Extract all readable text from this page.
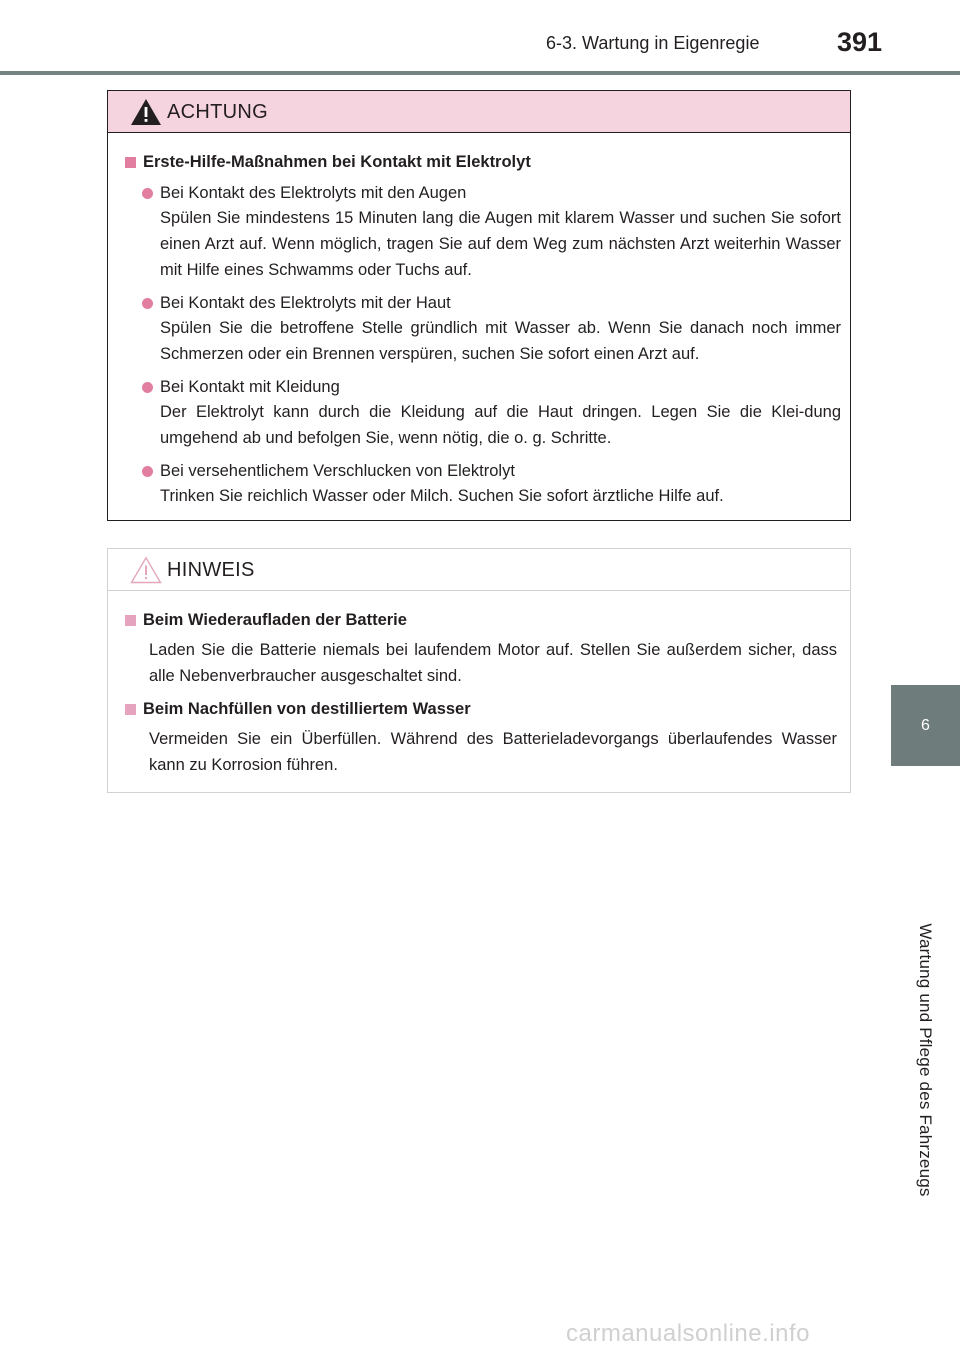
6-3. Wartung in Eigenregie	391
6
Wartung und Pflege des Fahrzeugs
ACHTUNG
Erste-Hilfe-Maßnahmen bei Kontakt mit Elektrolyt
Bei Kontakt des Elektrolyts mit den Augen
Spülen Sie mindestens 15 Minuten lang die Augen mit klarem Wasser und suchen Sie sofort einen Arzt auf. Wenn möglich, tragen Sie auf dem Weg zum nächsten Arzt weiterhin Wasser mit Hilfe eines Schwamms oder Tuchs auf.
Bei Kontakt des Elektrolyts mit der Haut
Spülen Sie die betroffene Stelle gründlich mit Wasser ab. Wenn Sie danach noch immer Schmerzen oder ein Brennen verspüren, suchen Sie sofort einen Arzt auf.
Bei Kontakt mit Kleidung
Der Elektrolyt kann durch die Kleidung auf die Haut dringen. Legen Sie die Klei-dung umgehend ab und befolgen Sie, wenn nötig, die o. g. Schritte.
Bei versehentlichem Verschlucken von Elektrolyt
Trinken Sie reichlich Wasser oder Milch. Suchen Sie sofort ärztliche Hilfe auf.
HINWEIS
Beim Wiederaufladen der Batterie
Laden Sie die Batterie niemals bei laufendem Motor auf. Stellen Sie außerdem sicher, dass alle Nebenverbraucher ausgeschaltet sind.
Beim Nachfüllen von destilliertem Wasser
Vermeiden Sie ein Überfüllen. Während des Batterieladevorgangs überlaufendes Wasser kann zu Korrosion führen.
carmanualsonline.info
